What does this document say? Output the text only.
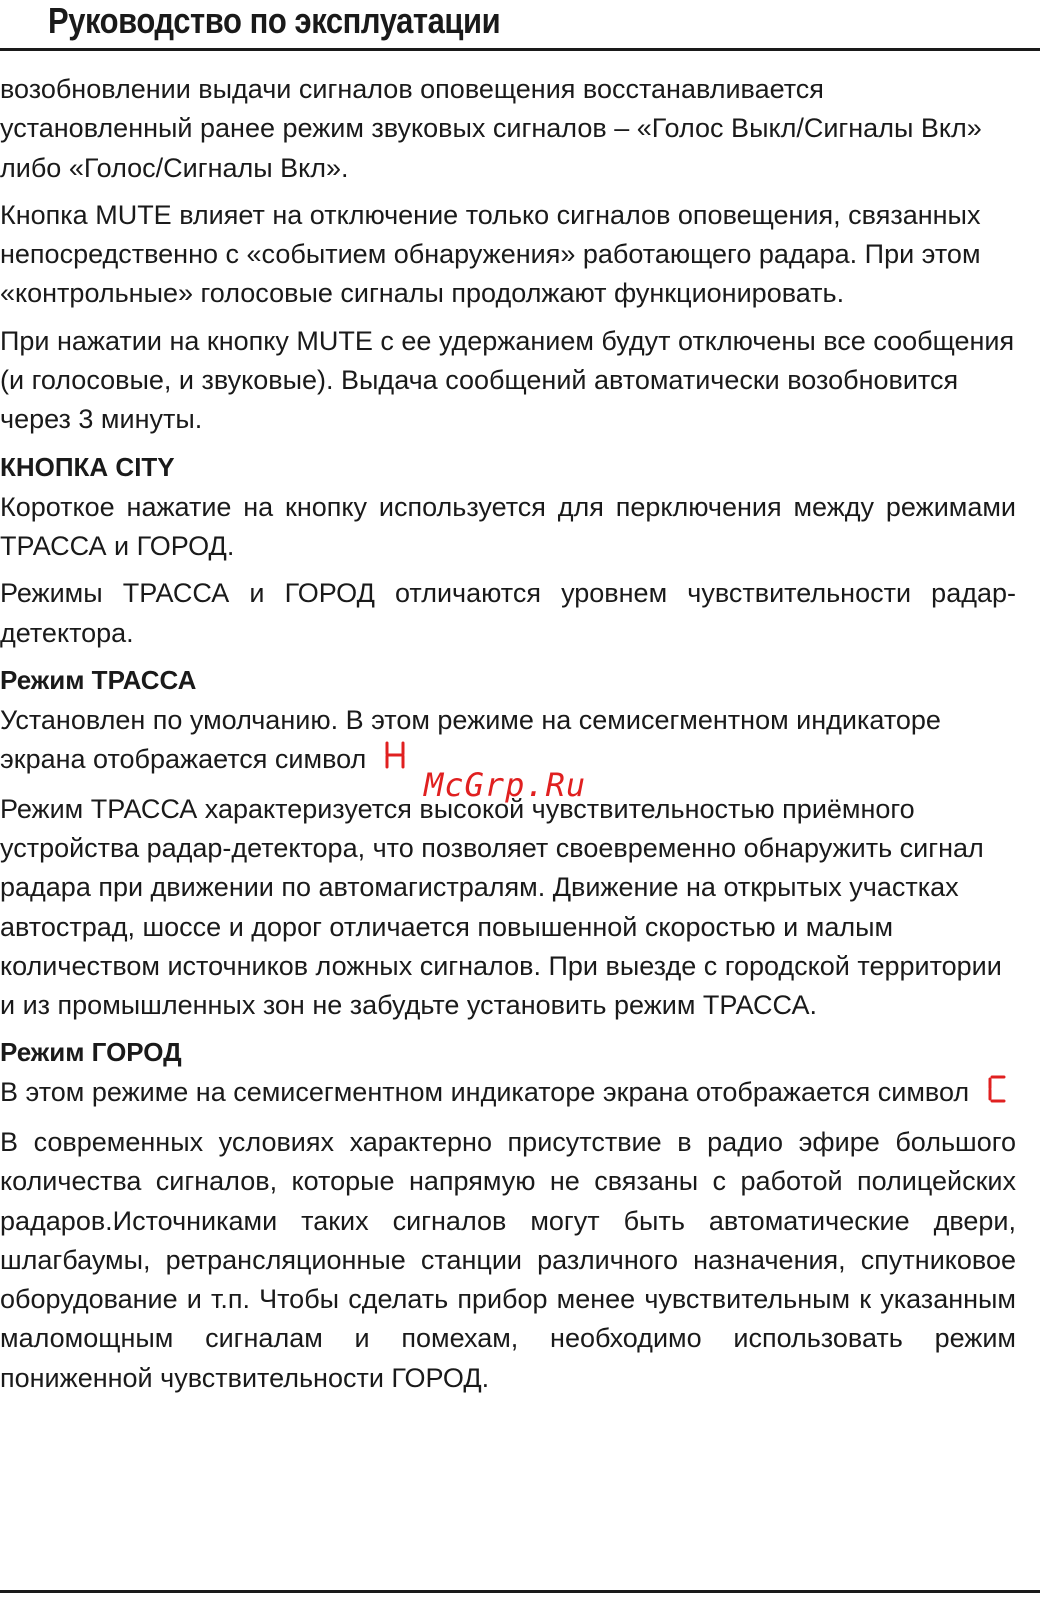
Руководство по эксплуатации

возобновлении выдачи сигналов оповещения восстанавливается установленный ранее режим звуковых сигналов – «Голос Выкл/Сигналы Вкл» либо «Голос/Сигналы Вкл».

Кнопка MUTE влияет на отключение только сигналов оповещения, связанных непосредственно с «событием обнаружения» работающего радара. При этом «контрольные» голосовые сигналы продолжают функционировать.

При нажатии на кнопку MUTE с ее удержанием будут отключены все сообщения (и голосовые, и звуковые). Выдача сообщений автоматически возобновится через 3 минуты.

КНОПКА CITY

Короткое нажатие на кнопку используется для перключения между режимами ТРАССА и ГОРОД.

Режимы ТРАССА и ГОРОД отличаются уровнем чувствительности радар-детектора.

Режим ТРАССА

Установлен по умолчанию. В этом режиме на семисегментном индикаторе экрана отображается символ

Режим ТРАССА характеризуется высокой чувствительностью приёмного устройства радар-детектора, что позволяет своевременно обнаружить сигнал радара при движении по автомагистралям. Движение на открытых участках автострад, шоссе и дорог отличается повышенной скоростью и малым количеством источников ложных сигналов. При выезде с городской территории и из промышленных зон не забудьте установить режим ТРАССА.

Режим ГОРОД

В этом режиме на семисегментном индикаторе экрана отображается символ

В современных условиях характерно присутствие в радио эфире большого количества сигналов, которые напрямую не связаны с работой полицейских радаров.Источниками таких сигналов могут быть автоматические двери, шлагбаумы, ретрансляционные станции различного назначения, спутниковое оборудование и т.п. Чтобы сделать прибор менее чувствительным к указанным маломощным сигналам и помехам, необходимо использовать режим пониженной чувствительности ГОРОД.

McGrp.Ru
